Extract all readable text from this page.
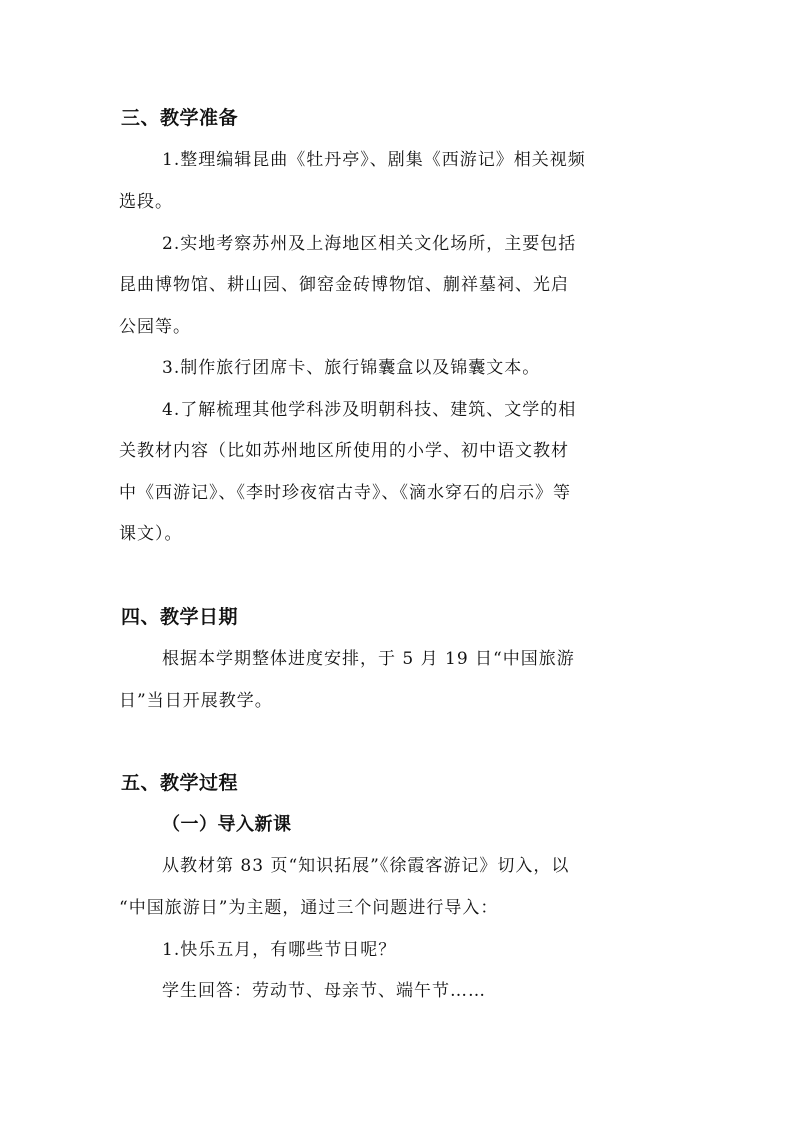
三、教学准备
1.整理编辑昆曲《牡丹亭》、剧集《西游记》相关视频
选段。
2.实地考察苏州及上海地区相关文化场所，主要包括
昆曲博物馆、耕山园、御窑金砖博物馆、蒯祥墓祠、光启
公园等。
3.制作旅行团席卡、旅行锦囊盒以及锦囊文本。
4.了解梳理其他学科涉及明朝科技、建筑、文学的相
关教材内容（比如苏州地区所使用的小学、初中语文教材
中《西游记》、《李时珍夜宿古寺》、《滴水穿石的启示》等
课文）。
四、教学日期
根据本学期整体进度安排，于 5 月 19 日“中国旅游
日”当日开展教学。
五、教学过程
（一）导入新课
从教材第 83 页“知识拓展”《徐霞客游记》切入，以
“中国旅游日”为主题，通过三个问题进行导入：
1.快乐五月，有哪些节日呢？
学生回答：劳动节、母亲节、端午节……
